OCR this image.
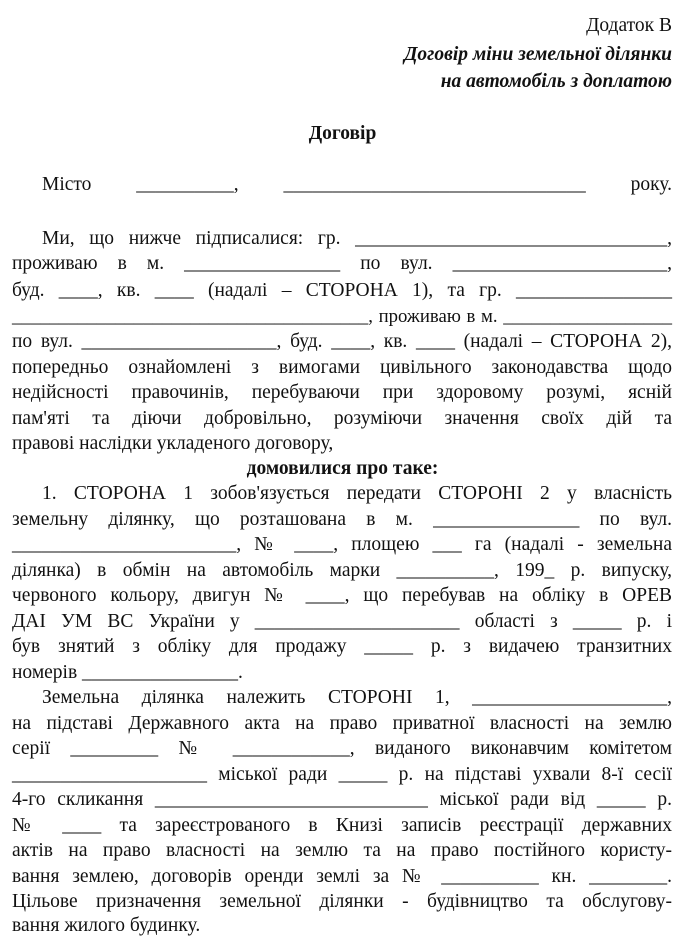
Додаток В
Договір міни земельної ділянки
на автомобіль з доплатою
Договір
Місто __________, _______________________________ року.
Ми, що нижче підписалися: гр. ________________________________,
проживаю в м. ________________ по вул. ______________________,
буд. ____, кв. ____ (надалі – СТОРОНА 1), та гр. ________________
______________________________________, проживаю в м. __________________
по вул. ____________________, буд. ____, кв. ____ (надалі – СТОРОНА 2),
попередньо ознайомлені з вимогами цивільного законодавства щодо
недійсності правочинів, перебуваючи при здоровому розумі, ясній
пам'яті та діючи добровільно, розуміючи значення своїх дій та
правові наслідки укладеного договору,
домовилися про таке:
1. СТОРОНА 1 зобов'язується передати СТОРОНІ 2 у власність
земельну ділянку, що розташована в м. _______________ по вул.
_______________________, № ____, площею ___ га (надалі - земельна
ділянка) в обмін на автомобіль марки __________, 199_ р. випуску,
червоного кольору, двигун № ____, що перебував на обліку в ОРЕВ
ДАІ УМ ВС України у _____________________ області з _____ р. і
був знятий з обліку для продажу _____ р. з видачею транзитних
номерів ________________.
Земельна ділянка належить СТОРОНІ 1, ____________________,
на підставі Державного акта на право приватної власності на землю
серії _________ № ____________, виданого виконавчим комітетом
____________________ міської ради _____ р. на підставі ухвали 8-ї сесії
4-го скликання ____________________________ міської ради від _____ р.
№ ____ та зареєстрованого в Книзі записів реєстрації державних
актів на право власності на землю та на право постійного користу-
вання землею, договорів оренди землі за № __________ кн. ________.
Цільове призначення земельної ділянки - будівництво та обслугову-
вання жилого будинку.
